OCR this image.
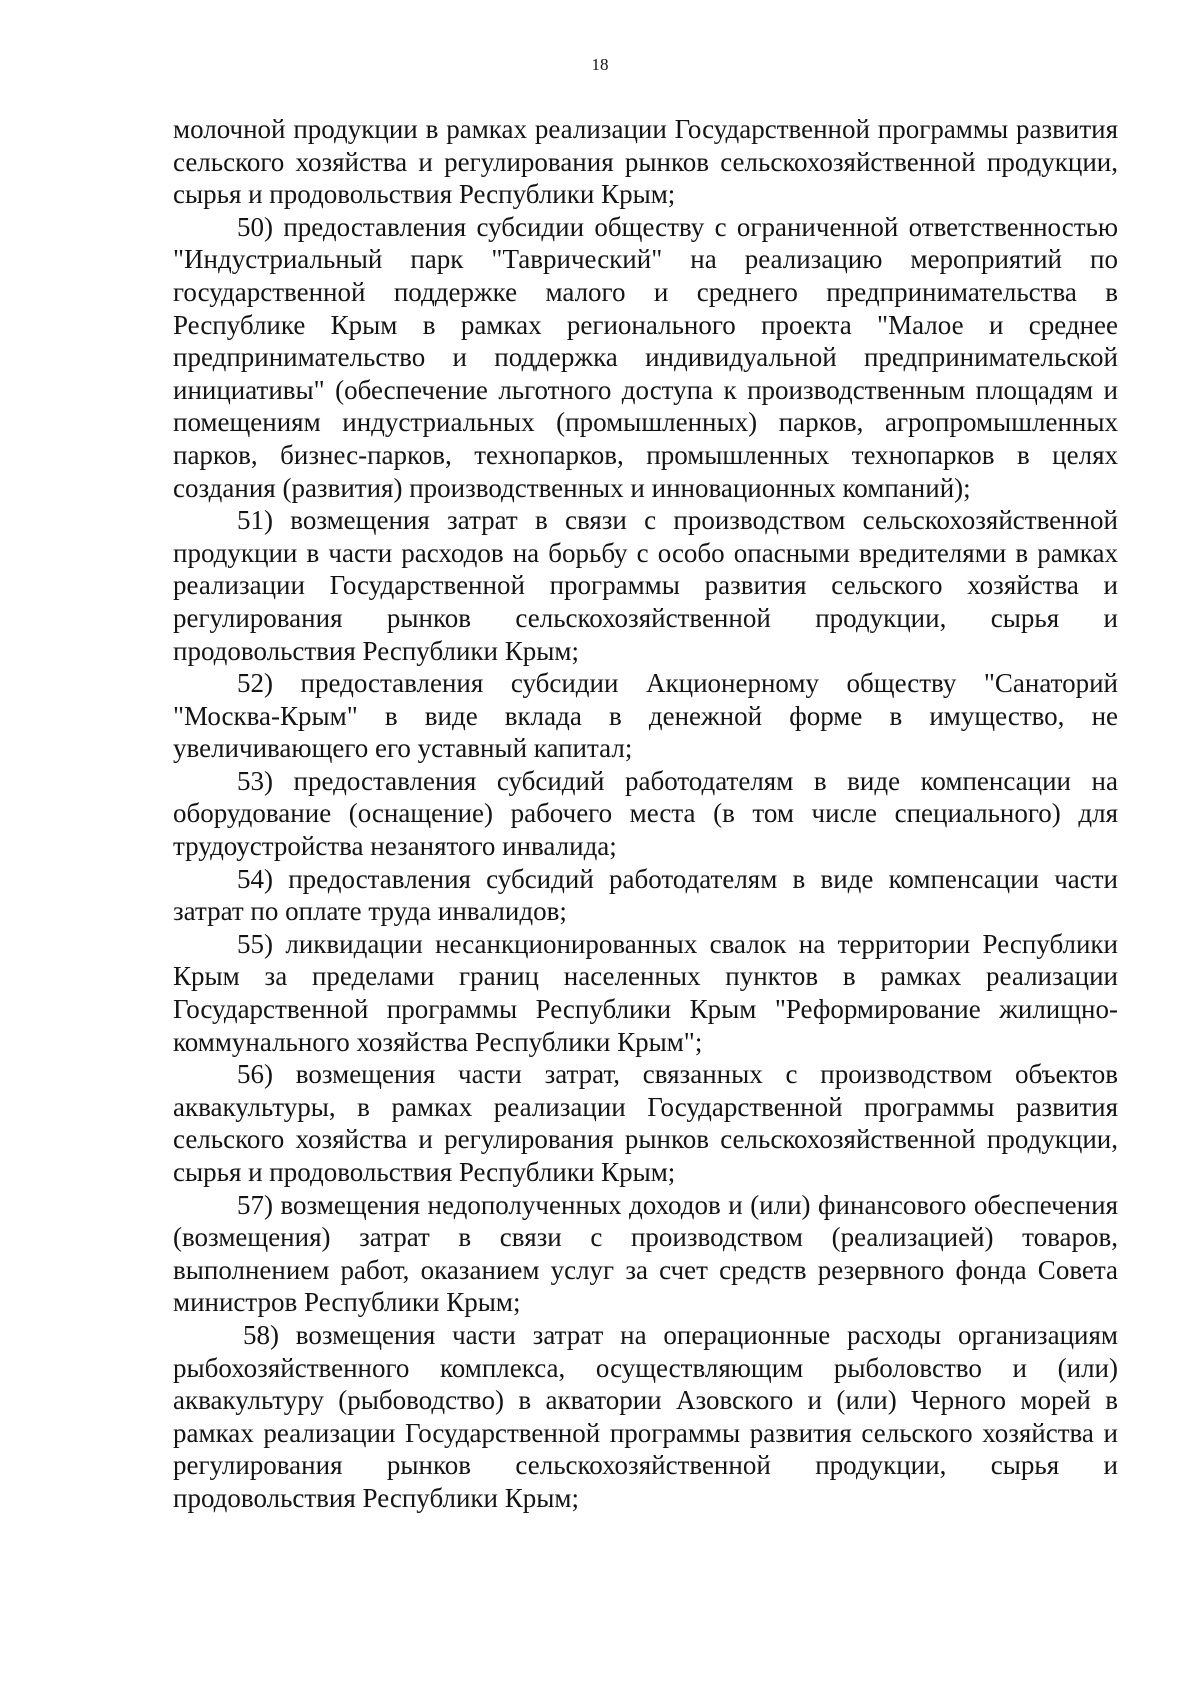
18

молочной продукции в рамках реализации Государственной программы развития сельского хозяйства и регулирования рынков сельскохозяйственной продукции, сырья и продовольствия Республики Крым;

50) предоставления субсидии обществу с ограниченной ответственностью "Индустриальный парк "Таврический" на реализацию мероприятий по государственной поддержке малого и среднего предпринимательства в Республике Крым в рамках регионального проекта "Малое и среднее предпринимательство и поддержка индивидуальной предпринимательской инициативы" (обеспечение льготного доступа к производственным площадям и помещениям индустриальных (промышленных) парков, агропромышленных парков, бизнес-парков, технопарков, промышленных технопарков в целях создания (развития) производственных и инновационных компаний);

51) возмещения затрат в связи с производством сельскохозяйственной продукции в части расходов на борьбу с особо опасными вредителями в рамках реализации Государственной программы развития сельского хозяйства и регулирования рынков сельскохозяйственной продукции, сырья и продовольствия Республики Крым;

52) предоставления субсидии Акционерному обществу "Санаторий "Москва-Крым" в виде вклада в денежной форме в имущество, не увеличивающего его уставный капитал;

53) предоставления субсидий работодателям в виде компенсации на оборудование (оснащение) рабочего места (в том числе специального) для трудоустройства незанятого инвалида;

54) предоставления субсидий работодателям в виде компенсации части затрат по оплате труда инвалидов;

55) ликвидации несанкционированных свалок на территории Республики Крым за пределами границ населенных пунктов в рамках реализации Государственной программы Республики Крым "Реформирование жилищно-коммунального хозяйства Республики Крым";

56) возмещения части затрат, связанных с производством объектов аквакультуры, в рамках реализации Государственной программы развития сельского хозяйства и регулирования рынков сельскохозяйственной продукции, сырья и продовольствия Республики Крым;

57) возмещения недополученных доходов и (или) финансового обеспечения (возмещения) затрат в связи с производством (реализацией) товаров, выполнением работ, оказанием услуг за счет средств резервного фонда Совета министров Республики Крым;

58) возмещения части затрат на операционные расходы организациям рыбохозяйственного комплекса, осуществляющим рыболовство и (или) аквакультуру (рыбоводство) в акватории Азовского и (или) Черного морей в рамках реализации Государственной программы развития сельского хозяйства и регулирования рынков сельскохозяйственной продукции, сырья и продовольствия Республики Крым;
